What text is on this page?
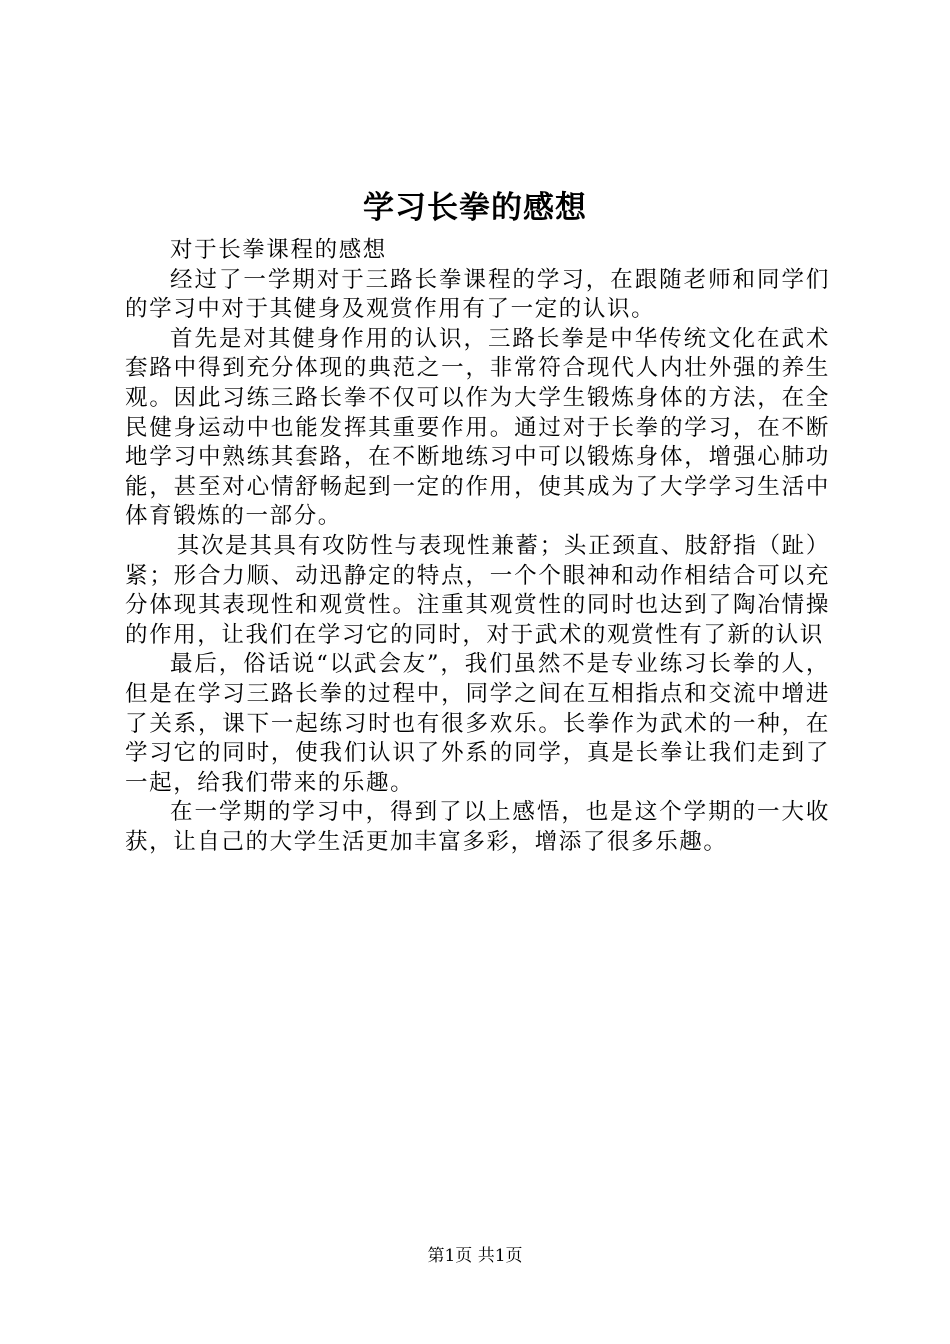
学习长拳的感想

对于长拳课程的感想

经过了一学期对于三路长拳课程的学习，在跟随老师和同学们的学习中对于其健身及观赏作用有了一定的认识。

首先是对其健身作用的认识，三路长拳是中华传统文化在武术套路中得到充分体现的典范之一，非常符合现代人内壮外强的养生观。因此习练三路长拳不仅可以作为大学生锻炼身体的方法，在全民健身运动中也能发挥其重要作用。通过对于长拳的学习，在不断地学习中熟练其套路，在不断地练习中可以锻炼身体，增强心肺功能，甚至对心情舒畅起到一定的作用，使其成为了大学学习生活中体育锻炼的一部分。

其次是其具有攻防性与表现性兼蓄；头正颈直、肢舒指（趾）紧；形合力顺、动迅静定的特点，一个个眼神和动作相结合可以充分体现其表现性和观赏性。注重其观赏性的同时也达到了陶冶情操的作用，让我们在学习它的同时，对于武术的观赏性有了新的认识

最后，俗话说“以武会友”，我们虽然不是专业练习长拳的人，但是在学习三路长拳的过程中，同学之间在互相指点和交流中增进了关系，课下一起练习时也有很多欢乐。长拳作为武术的一种，在学习它的同时，使我们认识了外系的同学，真是长拳让我们走到了一起，给我们带来的乐趣。

在一学期的学习中，得到了以上感悟，也是这个学期的一大收获，让自己的大学生活更加丰富多彩，增添了很多乐趣。

第1页 共1页
